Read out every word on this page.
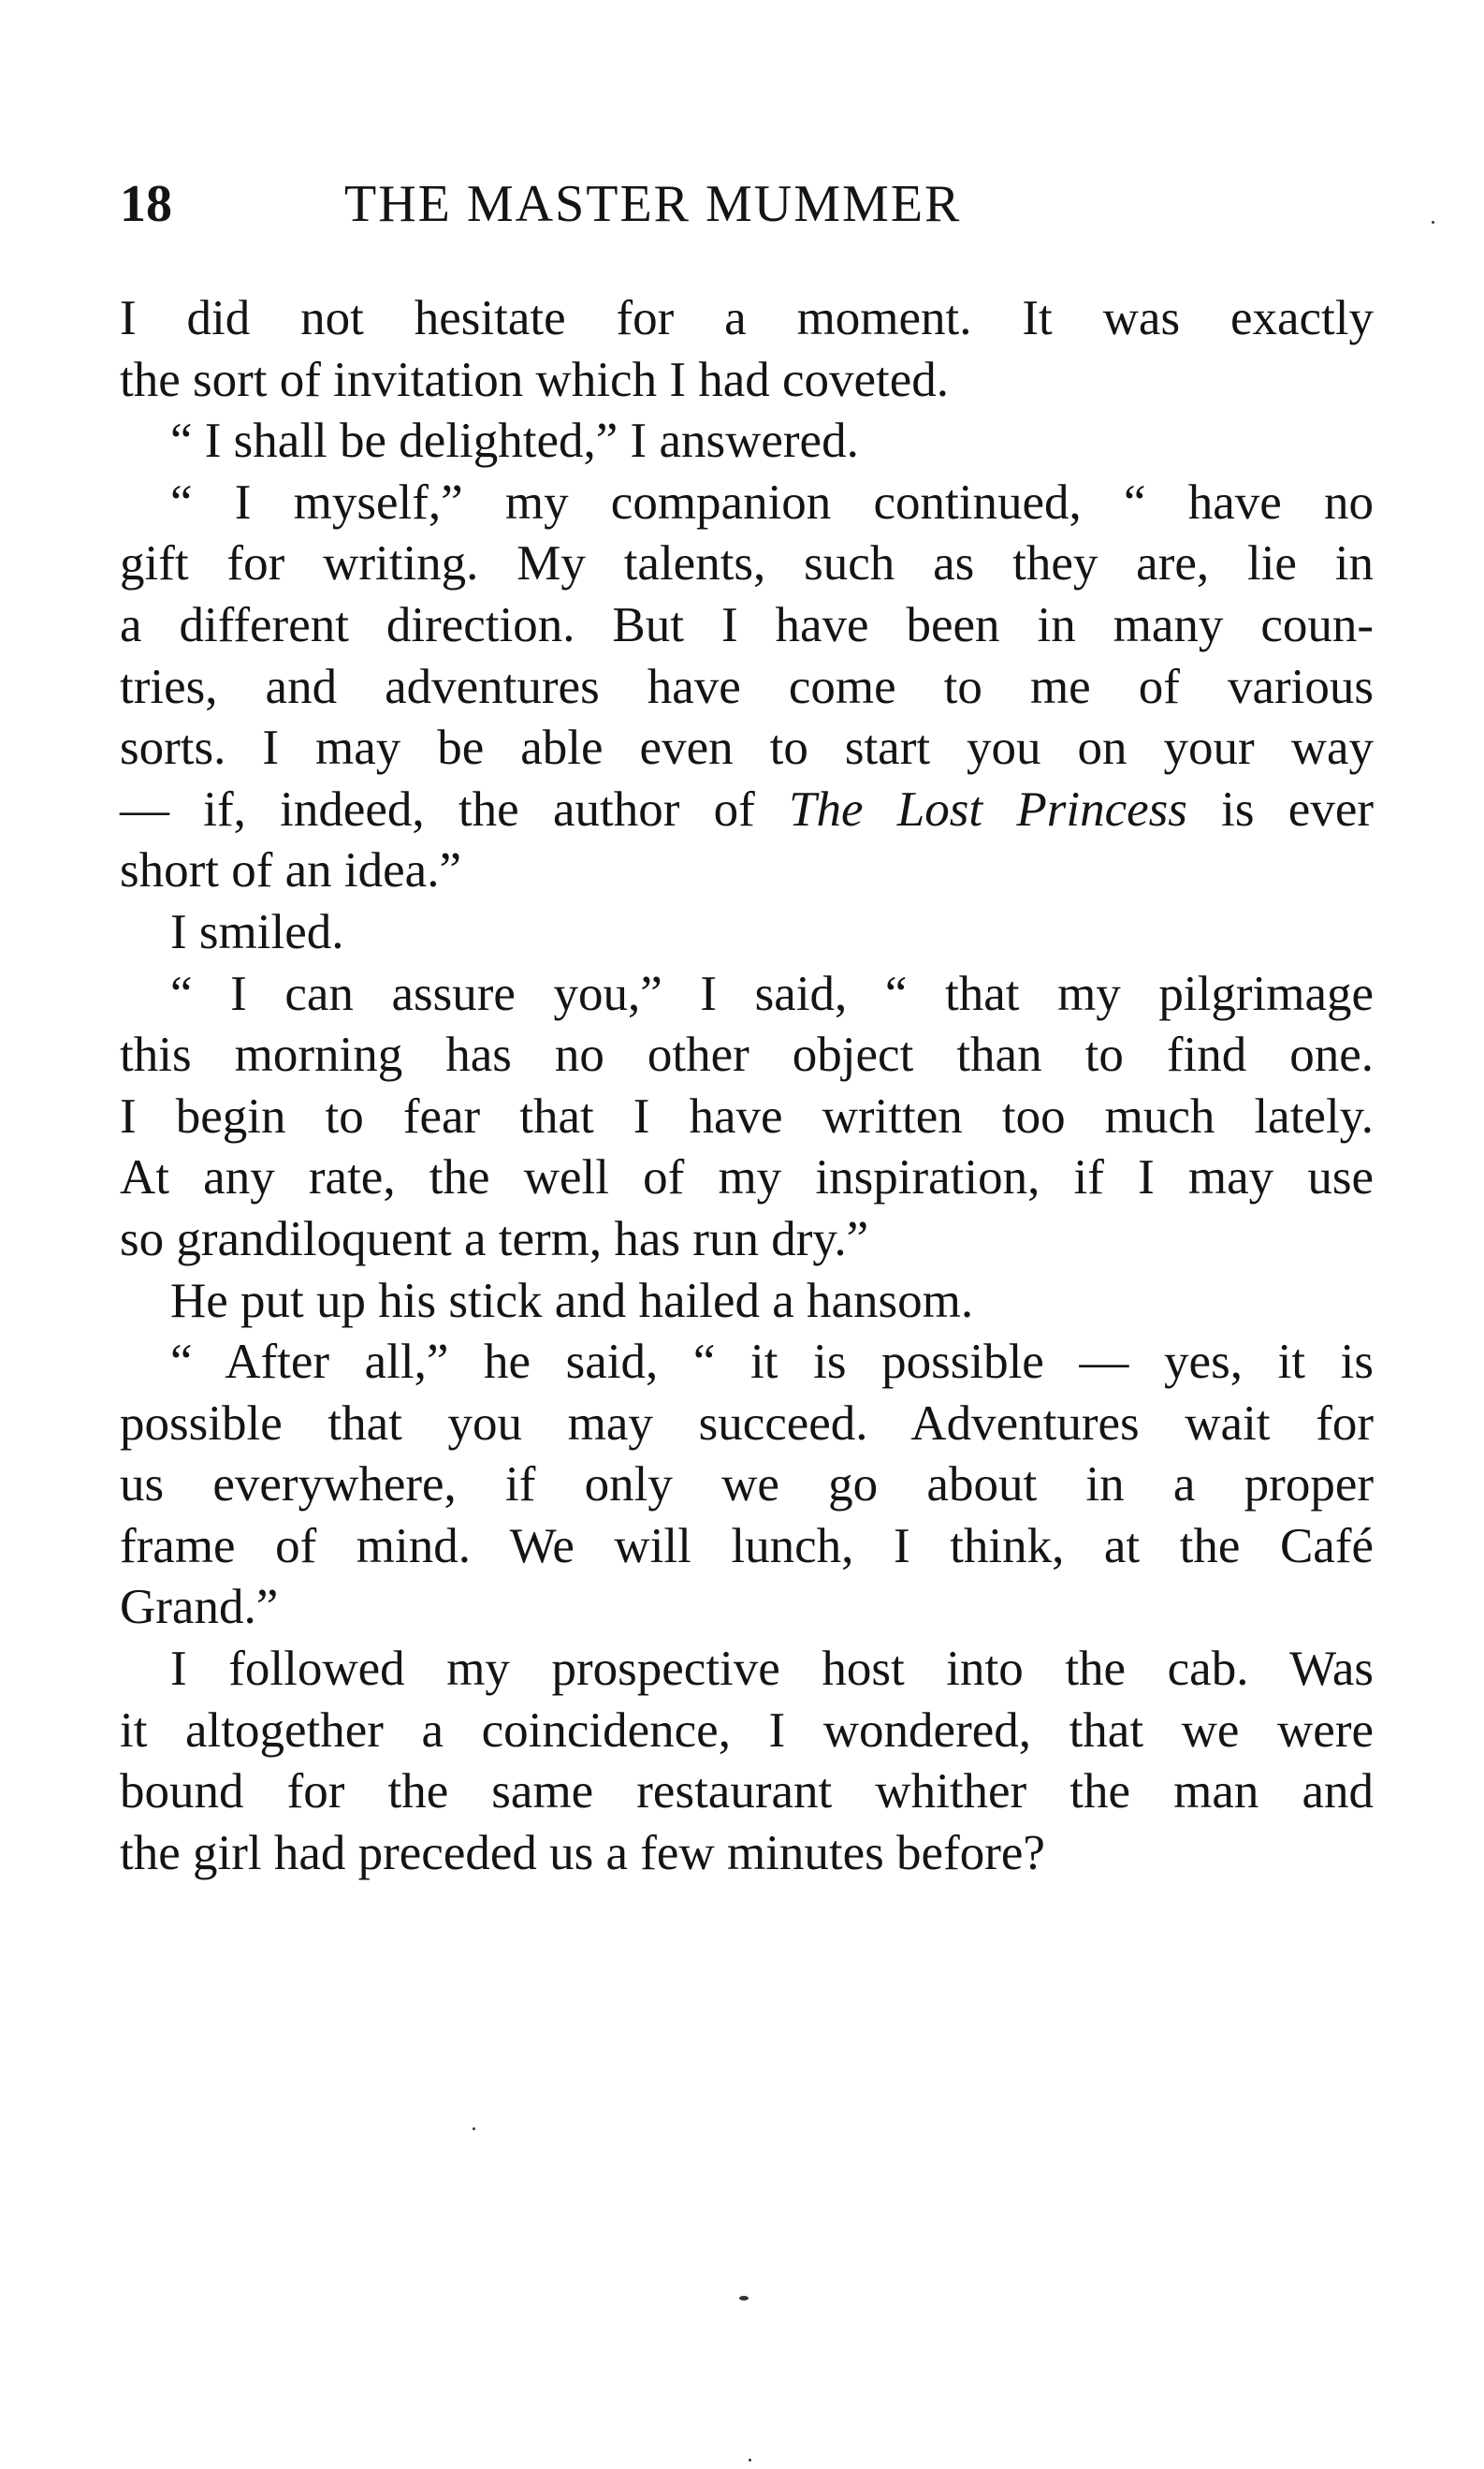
18	THE MASTER MUMMER
I did not hesitate for a moment. It was exactly
the sort of invitation which I had coveted.
“ I shall be delighted,” I answered.
“ I myself,” my companion continued, “ have no
gift for writing. My talents, such as they are, lie in
a different direction. But I have been in many coun-
tries, and adventures have come to me of various
sorts. I may be able even to start you on your way
— if, indeed, the author of The Lost Princess is ever
short of an idea.”
I smiled.
“ I can assure you,” I said, “ that my pilgrimage
this morning has no other object than to find one.
I begin to fear that I have written too much lately.
At any rate, the well of my inspiration, if I may use
so grandiloquent a term, has run dry.”
He put up his stick and hailed a hansom.
“ After all,” he said, “ it is possible — yes, it is
possible that you may succeed. Adventures wait for
us everywhere, if only we go about in a proper
frame of mind. We will lunch, I think, at the Café
Grand.”
I followed my prospective host into the cab. Was
it altogether a coincidence, I wondered, that we were
bound for the same restaurant whither the man and
the girl had preceded us a few minutes before?
